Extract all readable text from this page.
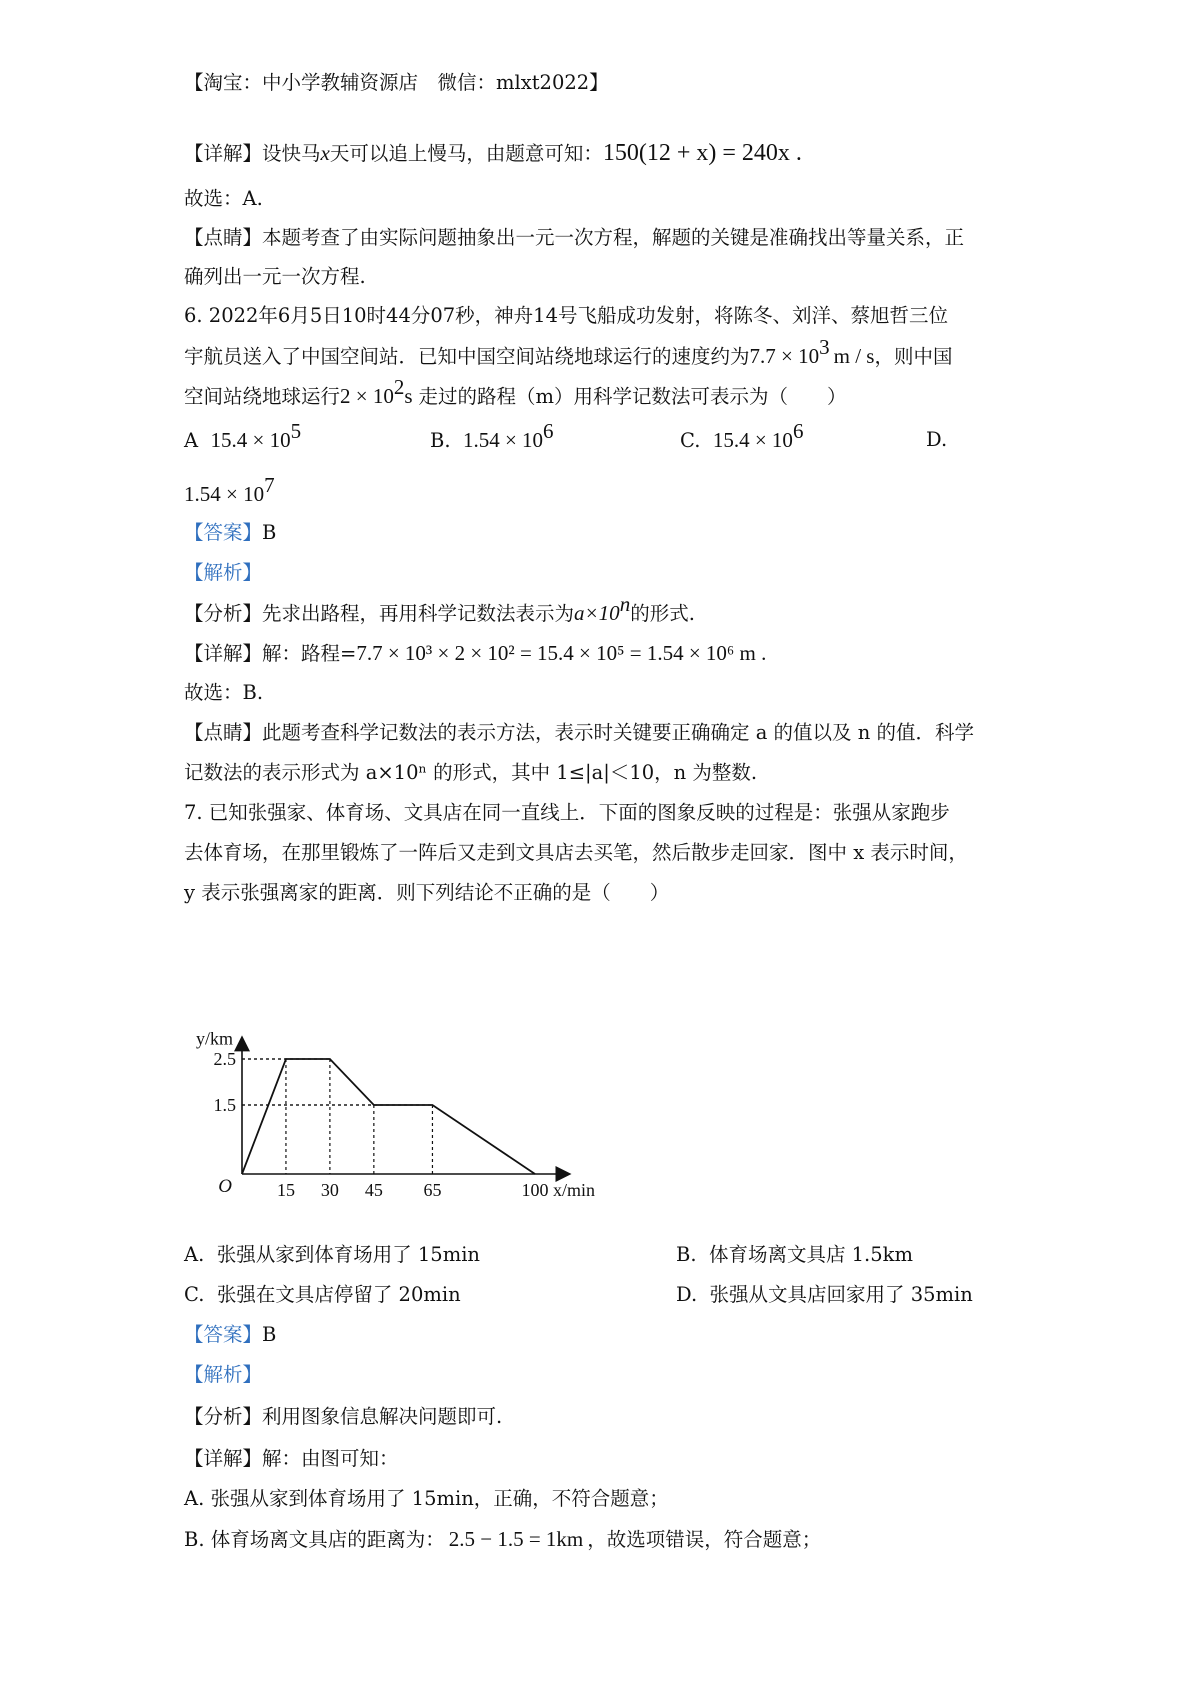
【淘宝：中小学教辅资源店　微信：mlxt2022】
【详解】设快马x天可以追上慢马，由题意可知：150(12 + x) = 240x .
故选：A.
【点睛】本题考查了由实际问题抽象出一元一次方程，解题的关键是准确找出等量关系，正
确列出一元一次方程.
6. 2022年6月5日10时44分07秒，神舟14号飞船成功发射，将陈冬、刘洋、蔡旭哲三位
宇航员送入了中国空间站．已知中国空间站绕地球运行的速度约为$7.7 \times 10^3$ m / s，则中国
空间站绕地球运行$2 \times 10^2s$ 走过的路程（m）用科学记数法可表示为（　　）
A $15.4 \times 10^5$	B. $1.54 \times 10^6$	C. $15.4 \times 10^6$	D.
$1.54 \times 10^7$
【答案】B
【解析】
【分析】先求出路程，再用科学记数法表示为$a\times 10^n$的形式.
【详解】解：路程=7.7 × 10³ × 2 × 10² = 15.4 × 10⁵ = 1.54 × 10⁶ m .
故选：B.
【点睛】此题考查科学记数法的表示方法，表示时关键要正确确定 a 的值以及 n 的值．科学
记数法的表示形式为 a×10ⁿ 的形式，其中 1≤|a|＜10，n 为整数.
7. 已知张强家、体育场、文具店在同一直线上．下面的图象反映的过程是：张强从家跑步
去体育场，在那里锻炼了一阵后又走到文具店去买笔，然后散步走回家．图中 x 表示时间，
y 表示张强离家的距离．则下列结论不正确的是（　　）
15 30 45 65	100
1.5
2.5
O	x/min
y/km
A. 张强从家到体育场用了 15min	B. 体育场离文具店 1.5km
C. 张强在文具店停留了 20min	D. 张强从文具店回家用了 35min
【答案】B
【解析】
【分析】利用图象信息解决问题即可.
【详解】解：由图可知：
A. 张强从家到体育场用了 15min，正确，不符合题意；
B. 体育场离文具店的距离为： 2.5 − 1.5 = 1km ，故选项错误，符合题意；
